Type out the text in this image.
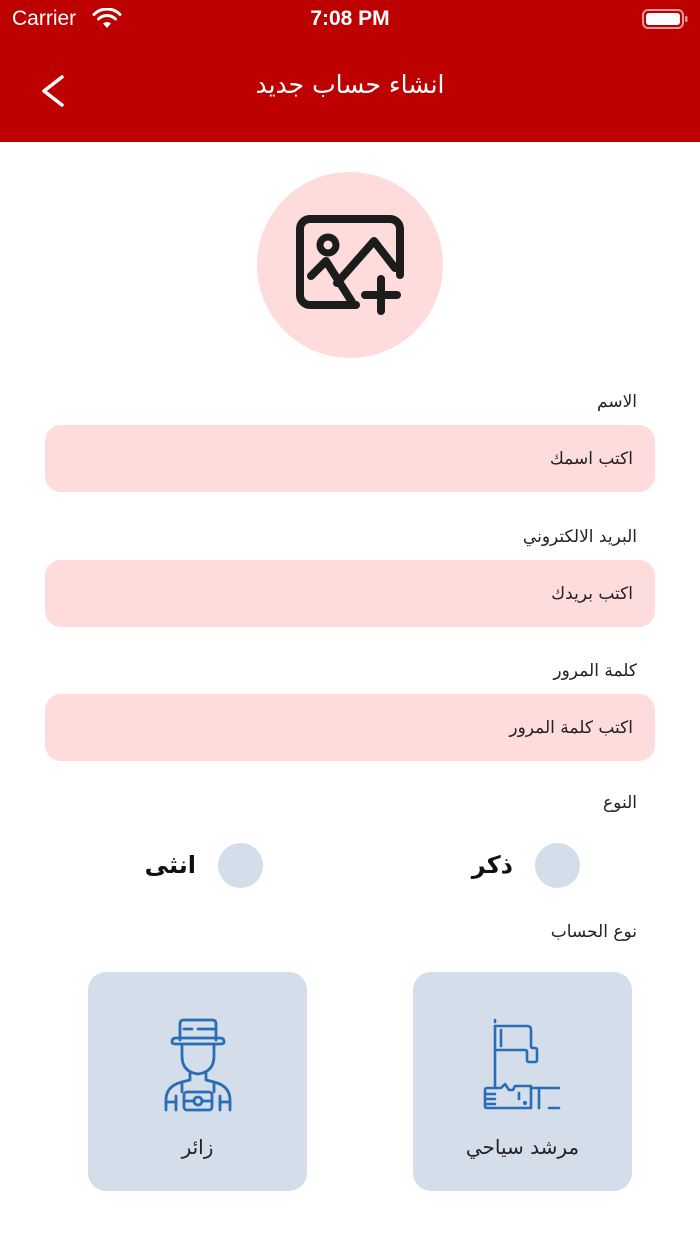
Carrier	7:08 PM
انشاء حساب جديد
الاسم
اكتب اسمك
البريد الالكتروني
اكتب بريدك
كلمة المرور
النوع
ذكر
انثى
نوع الحساب
مرشد سياحي
زائر
